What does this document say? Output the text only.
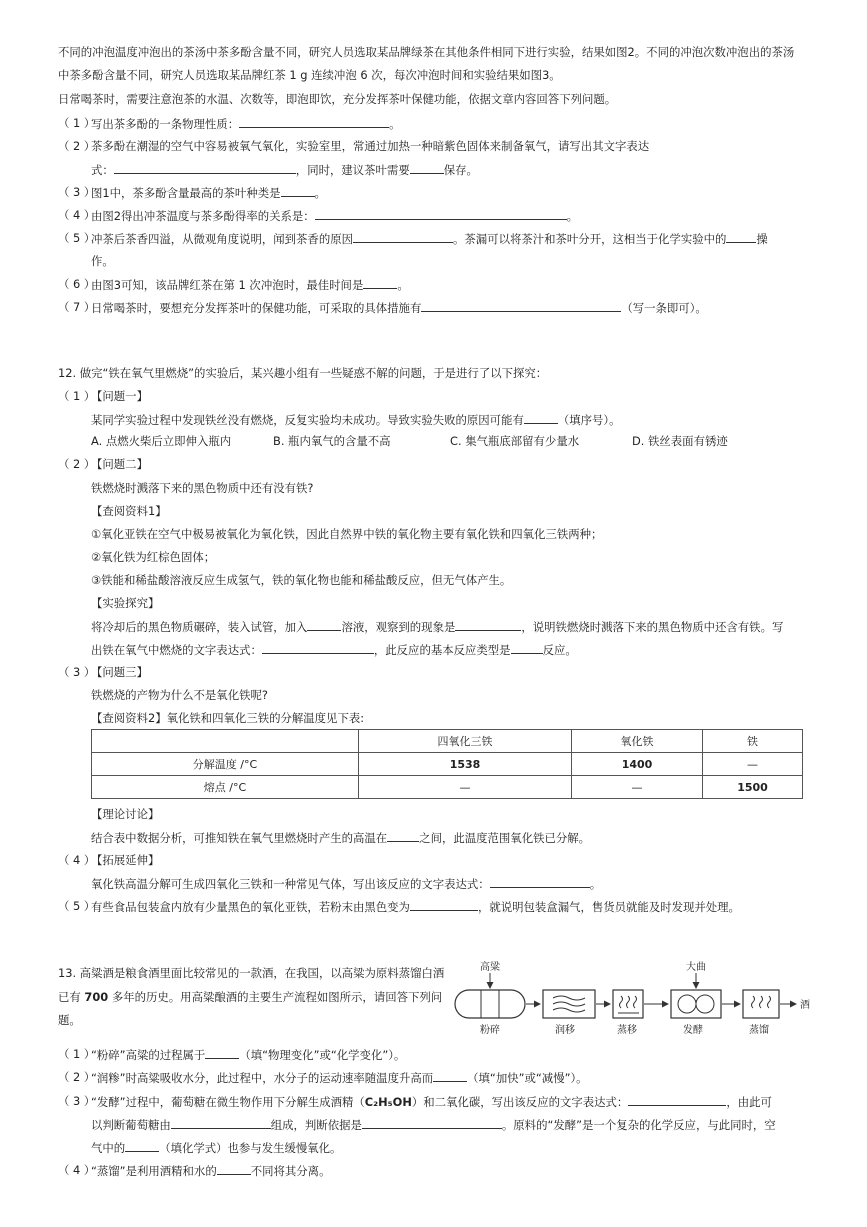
不同的冲泡温度冲泡出的茶汤中茶多酚含量不同，研究人员选取某品牌绿茶在其他条件相同下进行实验，结果如图2。不同的冲泡次数冲泡出的茶汤
中茶多酚含量不同，研究人员选取某品牌红茶 1 g 连续冲泡 6 次，每次冲泡时间和实验结果如图3。
日常喝茶时，需要注意泡茶的水温、次数等，即泡即饮，充分发挥茶叶保健功能，依据文章内容回答下列问题。
（ 1 ）
写出茶多酚的一条物理性质：	。
（ 2 ）
茶多酚在潮湿的空气中容易被氧气氧化，实验室里，常通过加热一种暗紫色固体来制备氧气，请写出其文字表达
式：	，同时，建议茶叶需要	保存。
（ 3 ）
图1中，茶多酚含量最高的茶叶种类是	。
（ 4 ）
由图2得出冲茶温度与茶多酚得率的关系是：	。
（ 5 ）
冲茶后茶香四溢，从微观角度说明，闻到茶香的原因	。茶漏可以将茶汁和茶叶分开，这相当于化学实验中的	操
作。
（ 6 ）
由图3可知，该品牌红茶在第 1 次冲泡时，最佳时间是	。
（ 7 ）
日常喝茶时，要想充分发挥茶叶的保健功能，可采取的具体措施有	（写一条即可）。
12. 做完“铁在氧气里燃烧”的实验后，某兴趣小组有一些疑惑不解的问题，于是进行了以下探究：
（ 1 ）
【问题一】
某同学实验过程中发现铁丝没有燃烧，反复实验均未成功。导致实验失败的原因可能有	（填序号）。
A. 点燃火柴后立即伸入瓶内	B. 瓶内氧气的含量不高	C. 集气瓶底部留有少量水	D. 铁丝表面有锈迹
（ 2 ）
【问题二】
铁燃烧时溅落下来的黑色物质中还有没有铁?
【查阅资料1】
①氧化亚铁在空气中极易被氧化为氧化铁，因此自然界中铁的氧化物主要有氧化铁和四氧化三铁两种；
②氧化铁为红棕色固体；
③铁能和稀盐酸溶液反应生成氢气，铁的氧化物也能和稀盐酸反应，但无气体产生。
【实验探究】
将冷却后的黑色物质碾碎，装入试管，加入	溶液，观察到的现象是	，说明铁燃烧时溅落下来的黑色物质中还含有铁。写
出铁在氧气中燃烧的文字表达式：	，此反应的基本反应类型是	反应。
（ 3 ）
【问题三】
铁燃烧的产物为什么不是氧化铁呢?
【查阅资料2】氧化铁和四氧化三铁的分解温度见下表:
	四氧化三铁	氧化铁	铁
分解温度 /°C	1538	1400	—
熔点 /°C	—	—	1500
【理论讨论】
结合表中数据分析，可推知铁在氧气里燃烧时产生的高温在	之间，此温度范围氧化铁已分解。
（ 4 ）
【拓展延伸】
氧化铁高温分解可生成四氧化三铁和一种常见气体，写出该反应的文字表达式：	。
（ 5 ）
有些食品包装盒内放有少量黑色的氧化亚铁，若粉末由黑色变为	，就说明包装盒漏气，售货员就能及时发现并处理。
13. 高粱酒是粮食酒里面比较常见的一款酒，在我国，以高粱为原料蒸馏白酒
已有 700 多年的历史。用高粱酿酒的主要生产流程如图所示，请回答下列问
题。
高粱
粉碎	润移	蒸移
大曲
发酵	蒸馏
酒
（ 1 ）
“粉碎”高粱的过程属于	（填“物理变化”或“化学变化”）。
（ 2 ）
“润糁”时高粱吸收水分，此过程中，水分子的运动速率随温度升高而	（填“加快”或“减慢”）。
（ 3 ）
“发酵”过程中，葡萄糖在微生物作用下分解生成酒精（C₂H₅OH）和二氧化碳，写出该反应的文字表达式：	，由此可
以判断葡萄糖由	组成，判断依据是	。原料的“发酵”是一个复杂的化学反应，与此同时，空
气中的	（填化学式）也参与发生缓慢氧化。
（ 4 ）
“蒸馏”是利用酒精和水的	不同将其分离。
